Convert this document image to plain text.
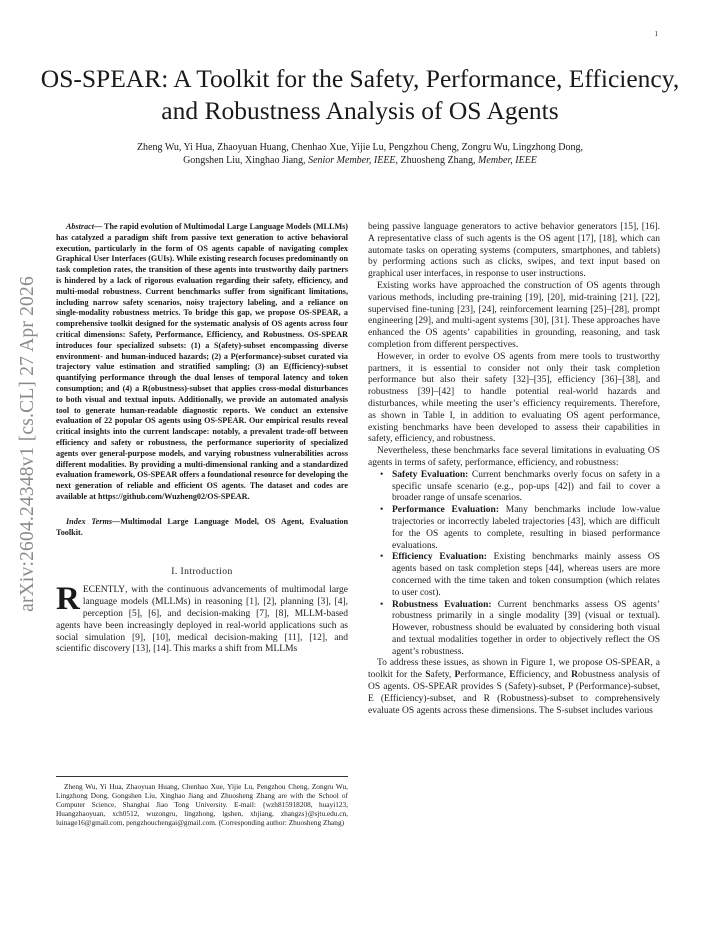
1
arXiv:2604.24348v1 [cs.CL] 27 Apr 2026
OS-SPEAR: A Toolkit for the Safety, Performance, Efficiency, and Robustness Analysis of OS Agents
Zheng Wu, Yi Hua, Zhaoyuan Huang, Chenhao Xue, Yijie Lu, Pengzhou Cheng, Zongru Wu, Lingzhong Dong,
Gongshen Liu, Xinghao Jiang, Senior Member, IEEE, Zhuosheng Zhang, Member, IEEE

Abstract— The rapid evolution of Multimodal Large Language Models (MLLMs) has catalyzed a paradigm shift from passive text generation to active behavioral execution, particularly in the form of OS agents capable of navigating complex Graphical User Interfaces (GUIs). While existing research focuses predominantly on task completion rates, the transition of these agents into trustworthy daily partners is hindered by a lack of rigorous evaluation regarding their safety, efficiency, and multi-modal robustness. Current benchmarks suffer from significant limitations, including narrow safety scenarios, noisy trajectory labeling, and a reliance on single-modality robustness metrics. To bridge this gap, we propose OS-SPEAR, a comprehensive toolkit designed for the systematic analysis of OS agents across four critical dimensions: Safety, Performance, Efficiency, and Robustness. OS-SPEAR introduces four specialized subsets: (1) a S(afety)-subset encompassing diverse environment- and human-induced hazards; (2) a P(erformance)-subset curated via trajectory value estimation and stratified sampling; (3) an E(fficiency)-subset quantifying performance through the dual lenses of temporal latency and token consumption; and (4) a R(obustness)-subset that applies cross-modal disturbances to both visual and textual inputs. Additionally, we provide an automated analysis tool to generate human-readable diagnostic reports. We conduct an extensive evaluation of 22 popular OS agents using OS-SPEAR. Our empirical results reveal critical insights into the current landscape: notably, a prevalent trade-off between efficiency and safety or robustness, the performance superiority of specialized agents over general-purpose models, and varying robustness vulnerabilities across different modalities. By providing a multi-dimensional ranking and a standardized evaluation framework, OS-SPEAR offers a foundational resource for developing the next generation of reliable and efficient OS agents. The dataset and codes are available at https://github.com/Wuzheng02/OS-SPEAR.

Index Terms—Multimodal Large Language Model, OS Agent, Evaluation Toolkit.

I. Introduction

RECENTLY, with the continuous advancements of multimodal large language models (MLLMs) in reasoning [1], [2], planning [3], [4], perception [5], [6], and decision-making [7], [8], MLLM-based agents have been increasingly deployed in real-world applications such as social simulation [9], [10], medical decision-making [11], [12], and scientific discovery [13], [14]. This marks a shift from MLLMs

Zheng Wu, Yi Hua, Zhaoyuan Huang, Chenhao Xue, Yijie Lu, Pengzhou Cheng, Zongru Wu, Lingzhong Dong, Gongshen Liu, Xinghao Jiang and Zhuosheng Zhang are with the School of Computer Science, Shanghai Jiao Tong University. E-mail: {wzh815918208, huayi123, Huangzhaoyuan, xch0512, wuzongru, lingzhong, lgshen, xhjiang, zhangzs}@sjtu.edu.cn, luinage16@gmail.com, pengzhouchengai@gmail.com. (Corresponding author: Zhuosheng Zhang)

being passive language generators to active behavior generators [15], [16]. A representative class of such agents is the OS agent [17], [18], which can automate tasks on operating systems (computers, smartphones, and tablets) by performing actions such as clicks, swipes, and text input based on graphical user interfaces, in response to user instructions.

Existing works have approached the construction of OS agents through various methods, including pre-training [19], [20], mid-training [21], [22], supervised fine-tuning [23], [24], reinforcement learning [25]–[28], prompt engineering [29], and multi-agent systems [30], [31]. These approaches have enhanced the OS agents’ capabilities in grounding, reasoning, and task completion from different perspectives.

However, in order to evolve OS agents from mere tools to trustworthy partners, it is essential to consider not only their task completion performance but also their safety [32]–[35], efficiency [36]–[38], and robustness [39]–[42] to handle potential real-world hazards and disturbances, while meeting the user’s efficiency requirements. Therefore, as shown in Table I, in addition to evaluating OS agent performance, existing benchmarks have been developed to assess their capabilities in safety, efficiency, and robustness.

Nevertheless, these benchmarks face several limitations in evaluating OS agents in terms of safety, performance, efficiency, and robustness:

• Safety Evaluation: Current benchmarks overly focus on safety in a specific unsafe scenario (e.g., pop-ups [42]) and fail to cover a broader range of unsafe scenarios.
• Performance Evaluation: Many benchmarks include low-value trajectories or incorrectly labeled trajectories [43], which are difficult for the OS agents to complete, resulting in biased performance evaluations.
• Efficiency Evaluation: Existing benchmarks mainly assess OS agents based on task completion steps [44], whereas users are more concerned with the time taken and token consumption (which relates to user cost).
• Robustness Evaluation: Current benchmarks assess OS agents’ robustness primarily in a single modality [39] (visual or textual). However, robustness should be evaluated by considering both visual and textual modalities together in order to objectively reflect the OS agent’s robustness.

To address these issues, as shown in Figure 1, we propose OS-SPEAR, a toolkit for the Safety, Performance, Efficiency, and Robustness analysis of OS agents. OS-SPEAR provides S (Safety)-subset, P (Performance)-subset, E (Efficiency)-subset, and R (Robustness)-subset to comprehensively evaluate OS agents across these dimensions. The S-subset includes various
